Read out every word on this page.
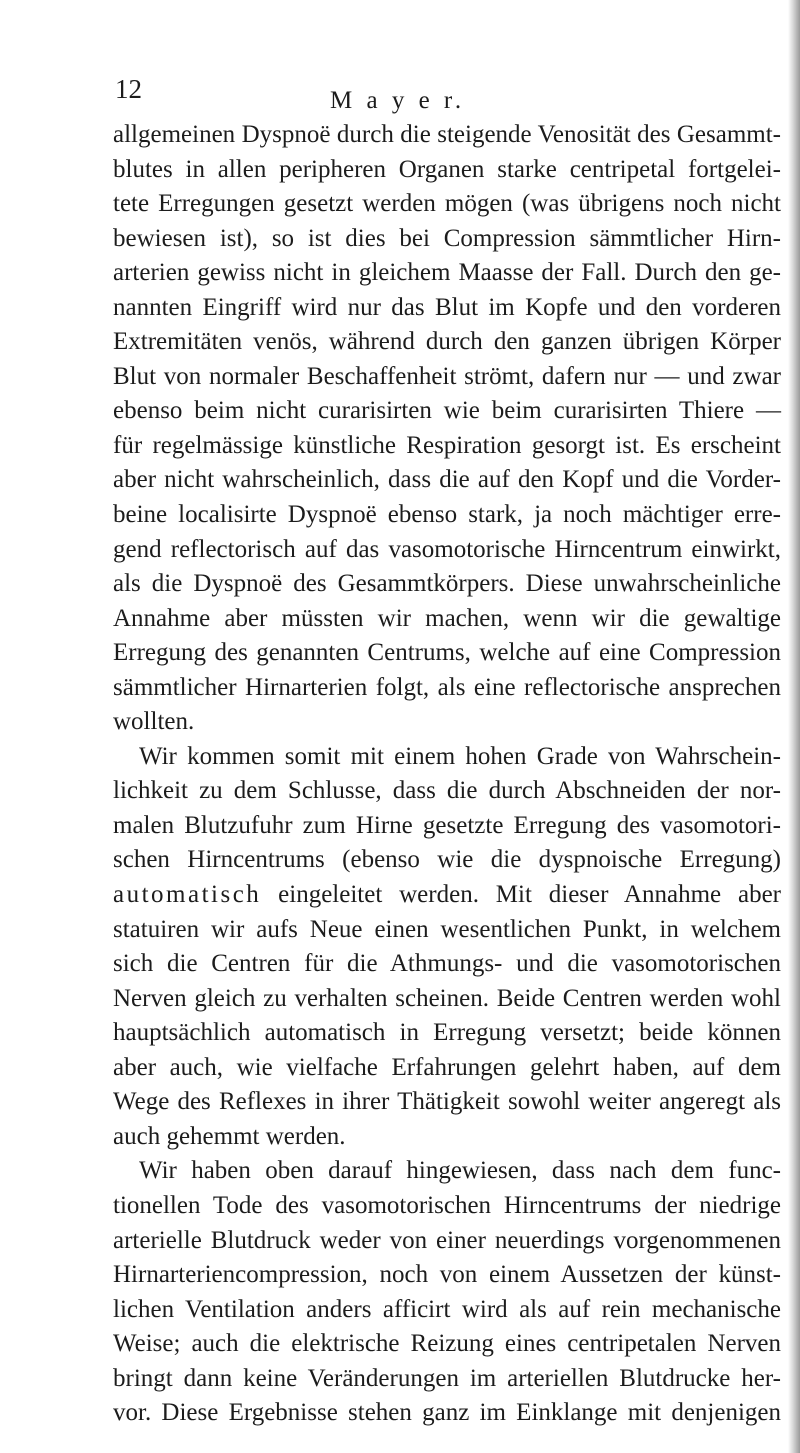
12	M a y e r.
allgemeinen Dyspnoë durch die steigende Venosität des Gesammt-
blutes in allen peripheren Organen starke centripetal fortgelei-
tete Erregungen gesetzt werden mögen (was übrigens noch nicht
bewiesen ist), so ist dies bei Compression sämmtlicher Hirn-
arterien gewiss nicht in gleichem Maasse der Fall. Durch den ge-
nannten Eingriff wird nur das Blut im Kopfe und den vorderen
Extremitäten venös, während durch den ganzen übrigen Körper
Blut von normaler Beschaffenheit strömt, dafern nur — und zwar
ebenso beim nicht curarisirten wie beim curarisirten Thiere —
für regelmässige künstliche Respiration gesorgt ist. Es erscheint
aber nicht wahrscheinlich, dass die auf den Kopf und die Vorder-
beine localisirte Dyspnoë ebenso stark, ja noch mächtiger erre-
gend reflectorisch auf das vasomotorische Hirncentrum einwirkt,
als die Dyspnoë des Gesammtkörpers. Diese unwahrscheinliche
Annahme aber müssten wir machen, wenn wir die gewaltige
Erregung des genannten Centrums, welche auf eine Compression
sämmtlicher Hirnarterien folgt, als eine reflectorische ansprechen
wollten.
Wir kommen somit mit einem hohen Grade von Wahrschein-
lichkeit zu dem Schlusse, dass die durch Abschneiden der nor-
malen Blutzufuhr zum Hirne gesetzte Erregung des vasomotori-
schen Hirncentrums (ebenso wie die dyspnoische Erregung)
automatisch eingeleitet werden. Mit dieser Annahme aber
statuiren wir aufs Neue einen wesentlichen Punkt, in welchem
sich die Centren für die Athmungs- und die vasomotorischen
Nerven gleich zu verhalten scheinen. Beide Centren werden wohl
hauptsächlich automatisch in Erregung versetzt; beide können
aber auch, wie vielfache Erfahrungen gelehrt haben, auf dem
Wege des Reflexes in ihrer Thätigkeit sowohl weiter angeregt als
auch gehemmt werden.
Wir haben oben darauf hingewiesen, dass nach dem func-
tionellen Tode des vasomotorischen Hirncentrums der niedrige
arterielle Blutdruck weder von einer neuerdings vorgenommenen
Hirnarteriencompression, noch von einem Aussetzen der künst-
lichen Ventilation anders afficirt wird als auf rein mechanische
Weise; auch die elektrische Reizung eines centripetalen Nerven
bringt dann keine Veränderungen im arteriellen Blutdrucke her-
vor. Diese Ergebnisse stehen ganz im Einklange mit denjenigen
